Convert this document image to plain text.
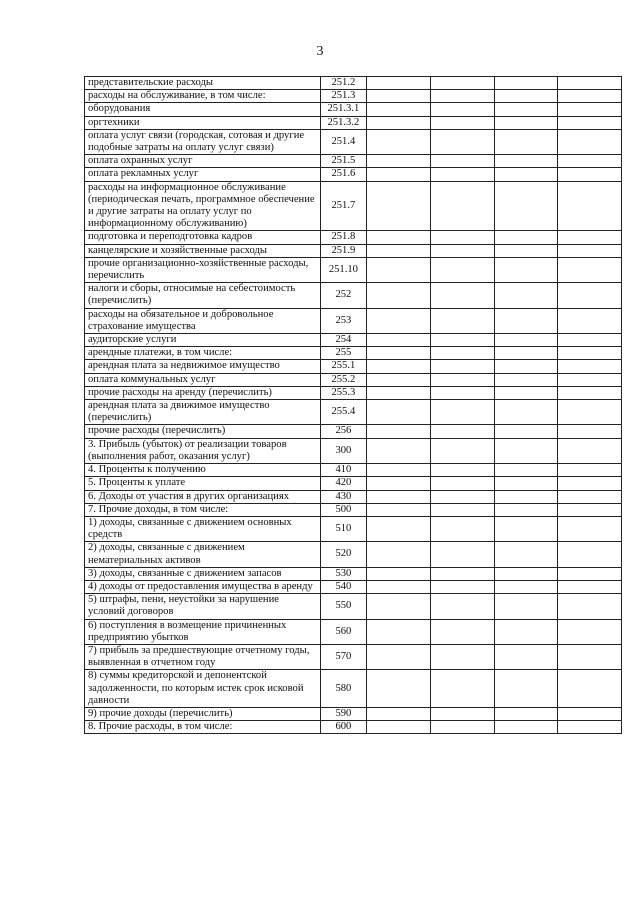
3
представительские расходы	251.2				
расходы на обслуживание, в том числе:	251.3				
оборудования	251.3.1				
оргтехники	251.3.2				
оплата услуг связи (городская, сотовая и другие подобные затраты на оплату услуг связи)	251.4				
оплата охранных услуг	251.5				
оплата рекламных услуг	251.6				
расходы на информационное обслуживание (периодическая печать, программное обеспечение и другие затраты на оплату услуг по информационному обслуживанию)	251.7				
подготовка и переподготовка кадров	251.8				
канцелярские и хозяйственные расходы	251.9				
прочие организационно-хозяйственные расходы, перечислить	251.10				
налоги и сборы, относимые на себестоимость (перечислить)	252				
расходы на обязательное и добровольное страхование имущества	253				
аудиторские услуги	254				
арендные платежи, в том числе:	255				
арендная плата за недвижимое имущество	255.1				
оплата коммунальных услуг	255.2				
прочие расходы на аренду (перечислить)	255.3				
арендная плата за движимое имущество (перечислить)	255.4				
прочие расходы (перечислить)	256				
3. Прибыль (убыток) от реализации товаров (выполнения работ, оказания услуг)	300				
4. Проценты к получению	410				
5. Проценты к уплате	420				
6. Доходы от участия в других организациях	430				
7. Прочие доходы, в том числе:	500				
1) доходы, связанные с движением основных средств	510				
2) доходы, связанные с движением нематериальных активов	520				
3) доходы, связанные с движением запасов	530				
4) доходы от предоставления имущества в аренду	540				
5) штрафы, пени, неустойки за нарушение условий договоров	550				
6) поступления в возмещение причиненных предприятию убытков	560				
7) прибыль за предшествующие отчетному годы, выявленная в отчетном году	570				
8) суммы кредиторской и депонентской задолженности, по которым истек срок исковой давности	580				
9) прочие доходы (перечислить)	590				
8. Прочие расходы, в том числе:	600				
